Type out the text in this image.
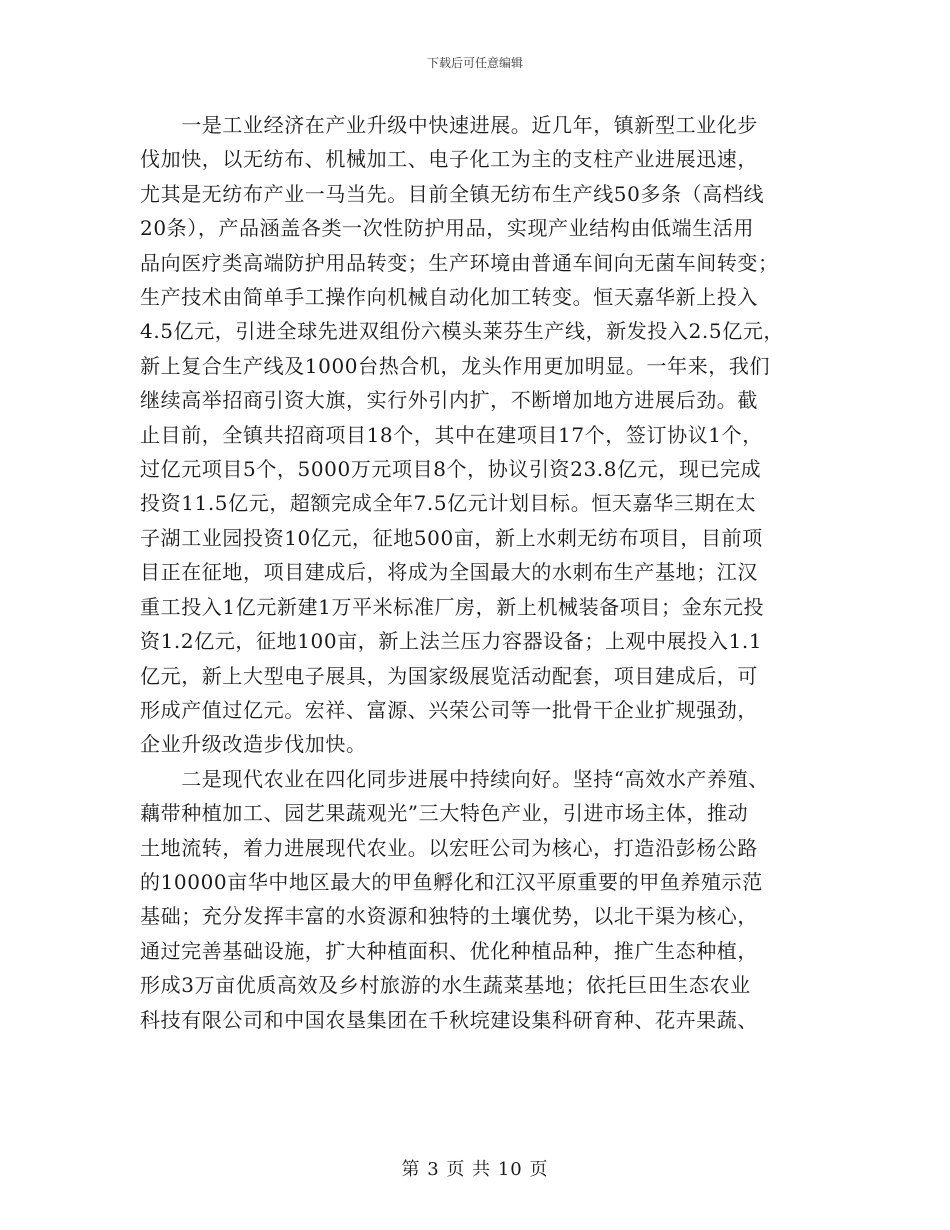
下载后可任意编辑

　　一是工业经济在产业升级中快速进展。近几年，镇新型工业化步
伐加快，以无纺布、机械加工、电子化工为主的支柱产业进展迅速，
尤其是无纺布产业一马当先。目前全镇无纺布生产线50多条（高档线
20条），产品涵盖各类一次性防护用品，实现产业结构由低端生活用
品向医疗类高端防护用品转变；生产环境由普通车间向无菌车间转变；
生产技术由简单手工操作向机械自动化加工转变。恒天嘉华新上投入
4.5亿元，引进全球先进双组份六模头莱芬生产线，新发投入2.5亿元，
新上复合生产线及1000台热合机，龙头作用更加明显。一年来，我们
继续高举招商引资大旗，实行外引内扩，不断增加地方进展后劲。截
止目前，全镇共招商项目18个，其中在建项目17个，签订协议1个，
过亿元项目5个，5000万元项目8个，协议引资23.8亿元，现已完成
投资11.5亿元，超额完成全年7.5亿元计划目标。恒天嘉华三期在太
子湖工业园投资10亿元，征地500亩，新上水刺无纺布项目，目前项
目正在征地，项目建成后，将成为全国最大的水刺布生产基地；江汉
重工投入1亿元新建1万平米标准厂房，新上机械装备项目；金东元投
资1.2亿元，征地100亩，新上法兰压力容器设备；上观中展投入1.1
亿元，新上大型电子展具，为国家级展览活动配套，项目建成后，可
形成产值过亿元。宏祥、富源、兴荣公司等一批骨干企业扩规强劲，
企业升级改造步伐加快。

　　二是现代农业在四化同步进展中持续向好。坚持“高效水产养殖、
藕带种植加工、园艺果蔬观光”三大特色产业，引进市场主体，推动
土地流转，着力进展现代农业。以宏旺公司为核心，打造沿彭杨公路
的10000亩华中地区最大的甲鱼孵化和江汉平原重要的甲鱼养殖示范
基础；充分发挥丰富的水资源和独特的土壤优势，以北干渠为核心，
通过完善基础设施，扩大种植面积、优化种植品种，推广生态种植，
形成3万亩优质高效及乡村旅游的水生蔬菜基地；依托巨田生态农业
科技有限公司和中国农垦集团在千秋垸建设集科研育种、花卉果蔬、

第 3 页 共 10 页
